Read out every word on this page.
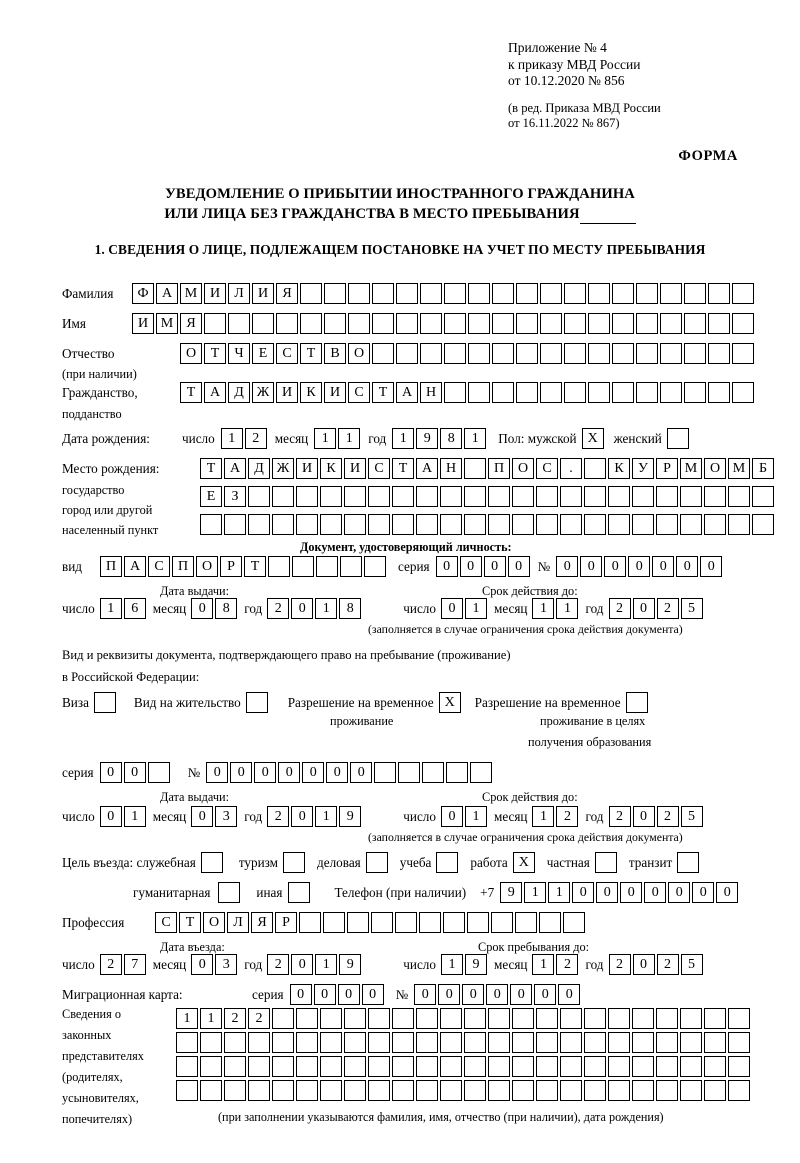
Приложение № 4
к приказу МВД России
от 10.12.2020 № 856
(в ред. Приказа МВД России
от 16.11.2022 № 867)
ФОРМА
УВЕДОМЛЕНИЕ О ПРИБЫТИИ ИНОСТРАННОГО ГРАЖДАНИНА
ИЛИ ЛИЦА БЕЗ ГРАЖДАНСТВА В МЕСТО ПРЕБЫВАНИЯ
1. СВЕДЕНИЯ О ЛИЦЕ, ПОДЛЕЖАЩЕМ ПОСТАНОВКЕ НА УЧЕТ ПО МЕСТУ ПРЕБЫВАНИЯ
Фамилия	Ф А М И	Л	И	Я
Имя	И М Я
Отчество	О	Т	Ч	Е	С	Т	В	О
(при наличии)
Гражданство,	Т	А	Д Ж И	К	И	С	Т	А Н
подданство
Дата рождения:	число 1	2	месяц 1	1	год 1	9	8	1	Пол: мужской X	женский
Место рождения:	Т	А	Д Ж И	К	И	С	Т	А Н	П О	С	.	К	У	Р М О М Б
государство	Е	З
город или другой
населенный пункт
Документ, удостоверяющий личность:
вид	П А	С	П О	Р	Т	серия 0	0	0	0	№ 0	0	0	0	0	0	0
Дата выдачи:	Срок действия до:
число 1	6	месяц 0	8	год 2	0	1	8	число 0	1	месяц 1	1	год 2	0	2	5
(заполняется в случае ограничения срока действия документа)
Вид и реквизиты документа, подтверждающего право на пребывание (проживание)
в Российской Федерации:
Виза	Вид на жительство	Разрешение на временное X	Разрешение на временное
проживание	проживание в целях
получения образования
серия 0	0	№ 0	0	0	0	0	0	0
Дата выдачи:	Срок действия до:
число 0	1	месяц 0	3	год 2	0	1	9	число 0	1	месяц 1	2	год 2	0	2	5
(заполняется в случае ограничения срока действия документа)
Цель въезда: служебная	туризм	деловая	учеба	работа X	частная	транзит
гуманитарная	иная	Телефон (при наличии) +7 9	1	1	0	0	0	0	0	0	0
Профессия	С	Т	О	Л	Я	Р
Дата въезда:	Срок пребывания до:
число 2	7	месяц 0	3	год 2	0	1	9	число 1	9	месяц 1	2	год 2	0	2	5
Миграционная карта:	серия 0	0	0	0	№ 0	0	0	0	0	0	0
Сведения о
законных
представителях
(родителях,
усыновителях,
попечителях)
1	1	2	2
(при заполнении указываются фамилия, имя, отчество (при наличии), дата рождения)
